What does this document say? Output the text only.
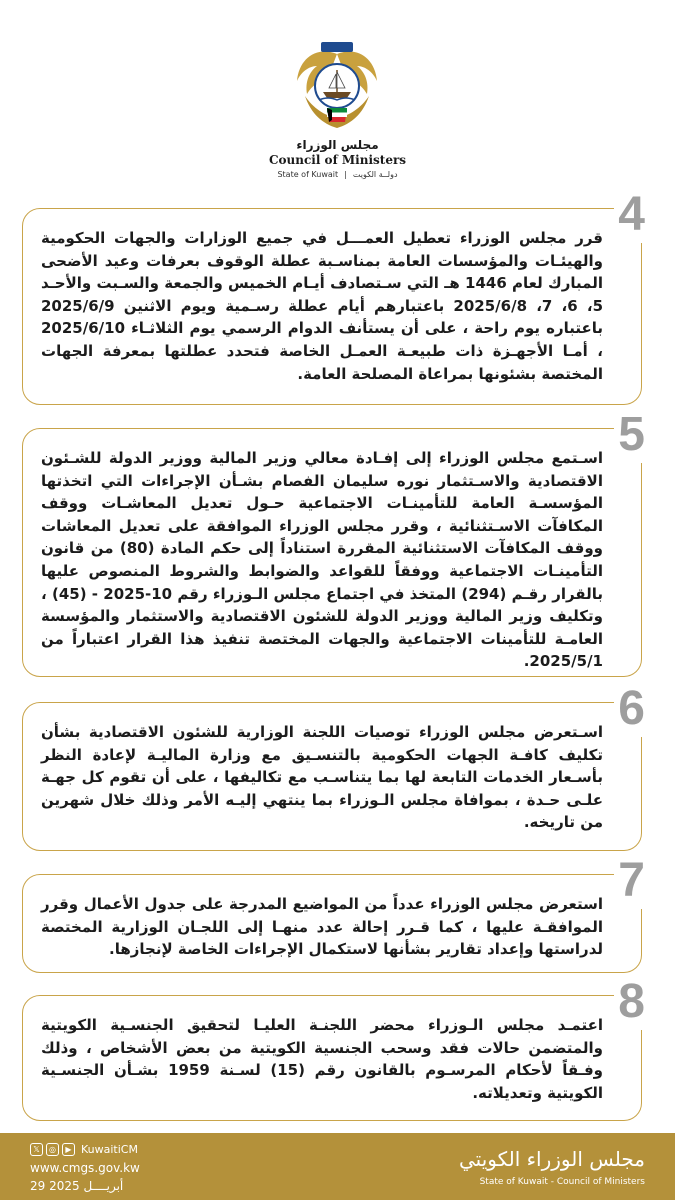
مجلس الوزراء
Council of Ministers
State of Kuwait | دولــة الكويت
4
قرر مجلس الوزراء تعطيل العمـــل في جميع الوزارات والجهات الحكومية والهيئـات والمؤسسات العامة بمناسـبة عطلة الوقوف بعرفات وعيد الأضحى المبارك لعام 1446 هـ التي سـتصادف أيـام الخميس والجمعة والسـبت والأحـد 5، 6، 7، 2025/6/8 باعتبارهم أيام عطلة رسـمية ويوم الاثنين 2025/6/9 باعتباره يوم راحة ، على أن يستأنف الدوام الرسمي يوم الثلاثـاء 2025/6/10 ، أمـا الأجهـزة ذات طبيعـة العمـل الخاصة فتحدد عطلتها بمعرفة الجهات المختصة بشئونها بمراعاة المصلحة العامة.
5
اسـتمع مجلس الوزراء إلى إفـادة معالي وزير المالية ووزير الدولة للشـئون الاقتصادية والاسـتثمار نوره سليمان الفصام بشـأن الإجراءات التي اتخذتها المؤسسـة العامة للتأمينـات الاجتماعية حـول تعديل المعاشـات ووقف المكافآت الاسـتثنائية ، وقرر مجلس الوزراء الموافقة على تعديل المعاشات ووقف المكافآت الاستثنائية المقررة استناداً إلى حكم المادة (80) من قانون التأمينـات الاجتماعية ووفقاً للقواعد والضوابط والشروط المنصوص عليها بالقرار رقـم (294) المتخذ في اجتماع مجلس الـوزراء رقم 10-2025 - (45) ، وتكليف وزير المالية ووزير الدولة للشئون الاقتصادية والاستثمار والمؤسسة العامـة للتأمينات الاجتماعية والجهات المختصة تنفيذ هذا القرار اعتباراً من 2025/5/1.
6
اسـتعرض مجلس الوزراء توصيات اللجنة الوزارية للشئون الاقتصادية بشأن تكليف كافـة الجهات الحكومية بالتنسـيق مع وزارة الماليـة لإعادة النظر بأسـعار الخدمات التابعة لها بما يتناسـب مع تكاليفها ، على أن تقوم كل جهـة علـى حـدة ، بموافاة مجلس الـوزراء بما ينتهي إليـه الأمر وذلك خلال شهرين من تاريخه.
7
استعرض مجلس الوزراء عدداً من المواضيع المدرجة على جدول الأعمال وقرر الموافقـة عليها ، كما قـرر إحالة عدد منهـا إلى اللجـان الوزارية المختصة لدراستها وإعداد تقارير بشأنها لاستكمال الإجراءات الخاصة لإنجازها.
8
اعتمـد مجلس الـوزراء محضر اللجنـة العليـا لتحقيق الجنسـية الكويتية والمتضمن حالات فقد وسحب الجنسية الكويتية من بعض الأشخاص ، وذلك وفـقاً لأحكام المرسـوم بالقانون رقم (15) لسـنة 1959 بشـأن الجنسـية الكويتية وتعديلاته.
𝕏	◎	▶ KuwaitiCM
www.cmgs.gov.kw
29 أبريــــل 2025
مجلس الوزراء الكويتي
State of Kuwait - Council of Ministers
